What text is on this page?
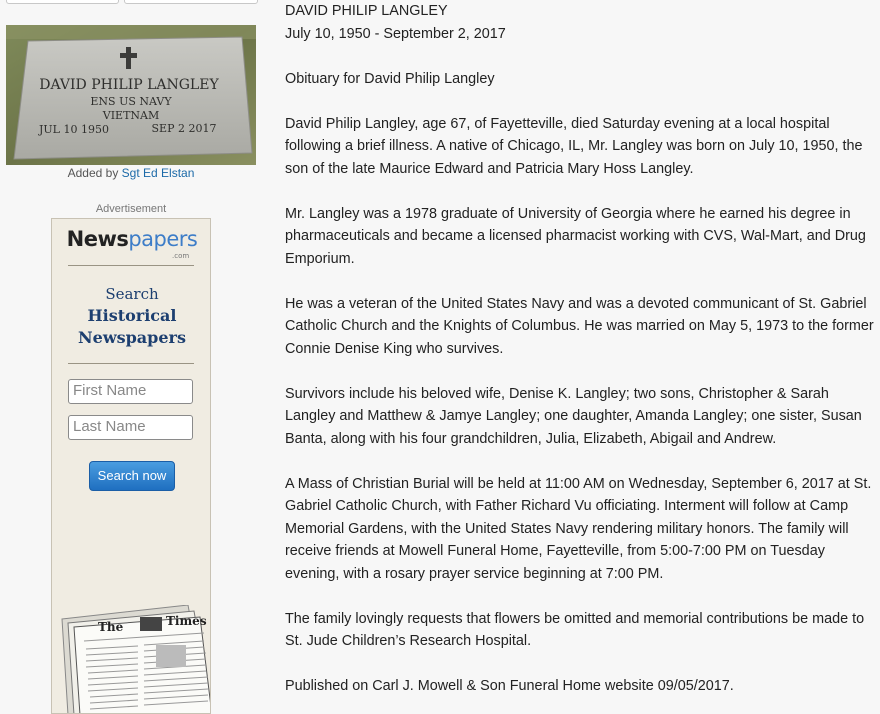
DAVID PHILIP LANGLEY
ENS US NAVY
VIETNAM
JUL 10 1950	SEP 2 2017
Added by Sgt Ed Elstan
Advertisement
Newspapers
.com
Search
Historical
Newspapers
First Name
Last Name
Search now
The	Times

DAVID PHILIP LANGLEY

July 10, 1950 - September 2, 2017

Obituary for David Philip Langley

David Philip Langley, age 67, of Fayetteville, died Saturday evening at a local hospital following a brief illness. A native of Chicago, IL, Mr. Langley was born on July 10, 1950, the son of the late Maurice Edward and Patricia Mary Hoss Langley.

Mr. Langley was a 1978 graduate of University of Georgia where he earned his degree in pharmaceuticals and became a licensed pharmacist working with CVS, Wal-Mart, and Drug Emporium.

He was a veteran of the United States Navy and was a devoted communicant of St. Gabriel Catholic Church and the Knights of Columbus. He was married on May 5, 1973 to the former Connie Denise King who survives.

Survivors include his beloved wife, Denise K. Langley; two sons, Christopher & Sarah Langley and Matthew & Jamye Langley; one daughter, Amanda Langley; one sister, Susan Banta, along with his four grandchildren, Julia, Elizabeth, Abigail and Andrew.

A Mass of Christian Burial will be held at 11:00 AM on Wednesday, September 6, 2017 at St. Gabriel Catholic Church, with Father Richard Vu officiating. Interment will follow at Camp Memorial Gardens, with the United States Navy rendering military honors. The family will receive friends at Mowell Funeral Home, Fayetteville, from 5:00-7:00 PM on Tuesday evening, with a rosary prayer service beginning at 7:00 PM.

The family lovingly requests that flowers be omitted and memorial contributions be made to St. Jude Children’s Research Hospital.

Published on Carl J. Mowell & Son Funeral Home website 09/05/2017.
